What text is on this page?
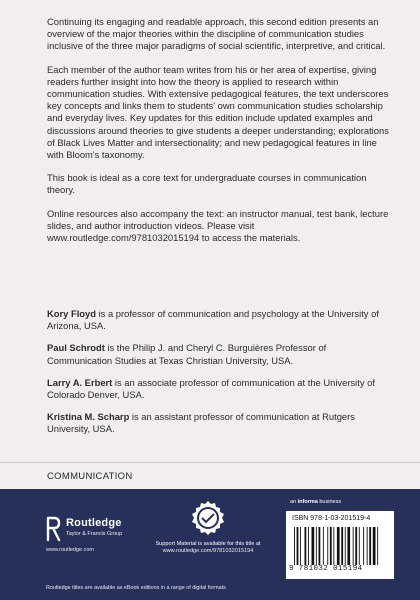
Continuing its engaging and readable approach, this second edition presents an overview of the major theories within the discipline of communication studies inclusive of the three major paradigms of social scientific, interpretive, and critical.

Each member of the author team writes from his or her area of expertise, giving readers further insight into how the theory is applied to research within communication studies. With extensive pedagogical features, the text underscores key concepts and links them to students' own communication studies scholarship and everyday lives. Key updates for this edition include updated examples and discussions around theories to give students a deeper understanding; explorations of Black Lives Matter and intersectionality; and new pedagogical features in line with Bloom's taxonomy.

This book is ideal as a core text for undergraduate courses in communication theory.

Online resources also accompany the text: an instructor manual, test bank, lecture slides, and author introduction videos. Please visit www.routledge.com/9781032015194 to access the materials.

Kory Floyd is a professor of communication and psychology at the University of Arizona, USA.
Paul Schrodt is the Philip J. and Cheryl C. Burguières Professor of Communication Studies at Texas Christian University, USA.
Larry A. Erbert is an associate professor of communication at the University of Colorado Denver, USA.
Kristina M. Scharp is an assistant professor of communication at Rutgers University, USA.
COMMUNICATION
Routledge
Taylor & Francis Group
www.routledge.com
Support Material is available for this title at
www.routledge.com/9781032015194
an informa business
ISBN 978-1-03-201519-4
9 781032 015194
Routledge titles are available as eBook editions in a range of digital formats
